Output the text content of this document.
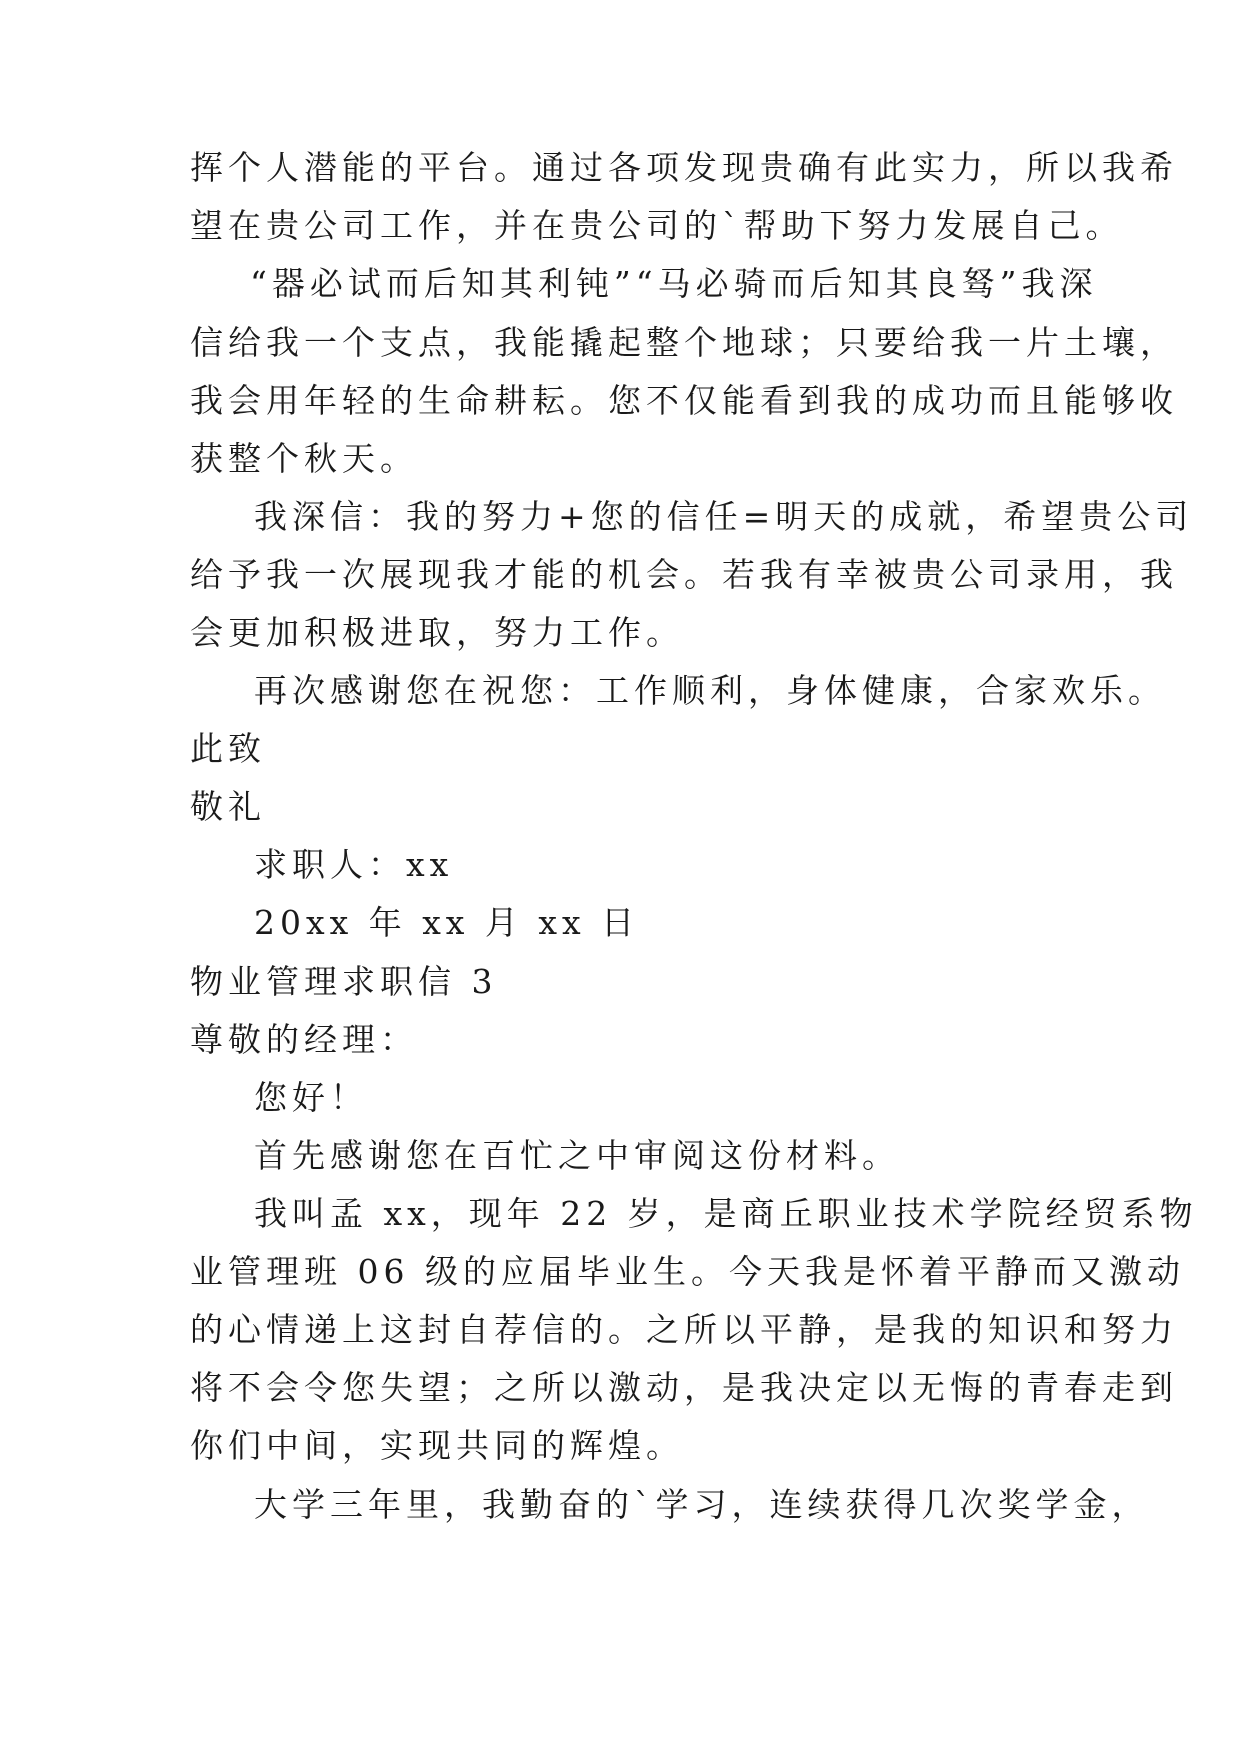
挥个人潜能的平台。通过各项发现贵确有此实力，所以我希
望在贵公司工作，并在贵公司的`帮助下努力发展自己。
“器必试而后知其利钝”“马必骑而后知其良驽”我深
信给我一个支点，我能撬起整个地球；只要给我一片土壤，
我会用年轻的生命耕耘。您不仅能看到我的成功而且能够收
获整个秋天。
我深信：我的努力+您的信任=明天的成就，希望贵公司
给予我一次展现我才能的机会。若我有幸被贵公司录用，我
会更加积极进取，努力工作。
再次感谢您在祝您：工作顺利，身体健康，合家欢乐。
此致
敬礼
求职人：xx
20xx 年 xx 月 xx 日
物业管理求职信 3
尊敬的经理：
您好！
首先感谢您在百忙之中审阅这份材料。
我叫孟 xx，现年 22 岁，是商丘职业技术学院经贸系物
业管理班 06 级的应届毕业生。今天我是怀着平静而又激动
的心情递上这封自荐信的。之所以平静，是我的知识和努力
将不会令您失望；之所以激动，是我决定以无悔的青春走到
你们中间，实现共同的辉煌。
大学三年里，我勤奋的`学习，连续获得几次奖学金，
